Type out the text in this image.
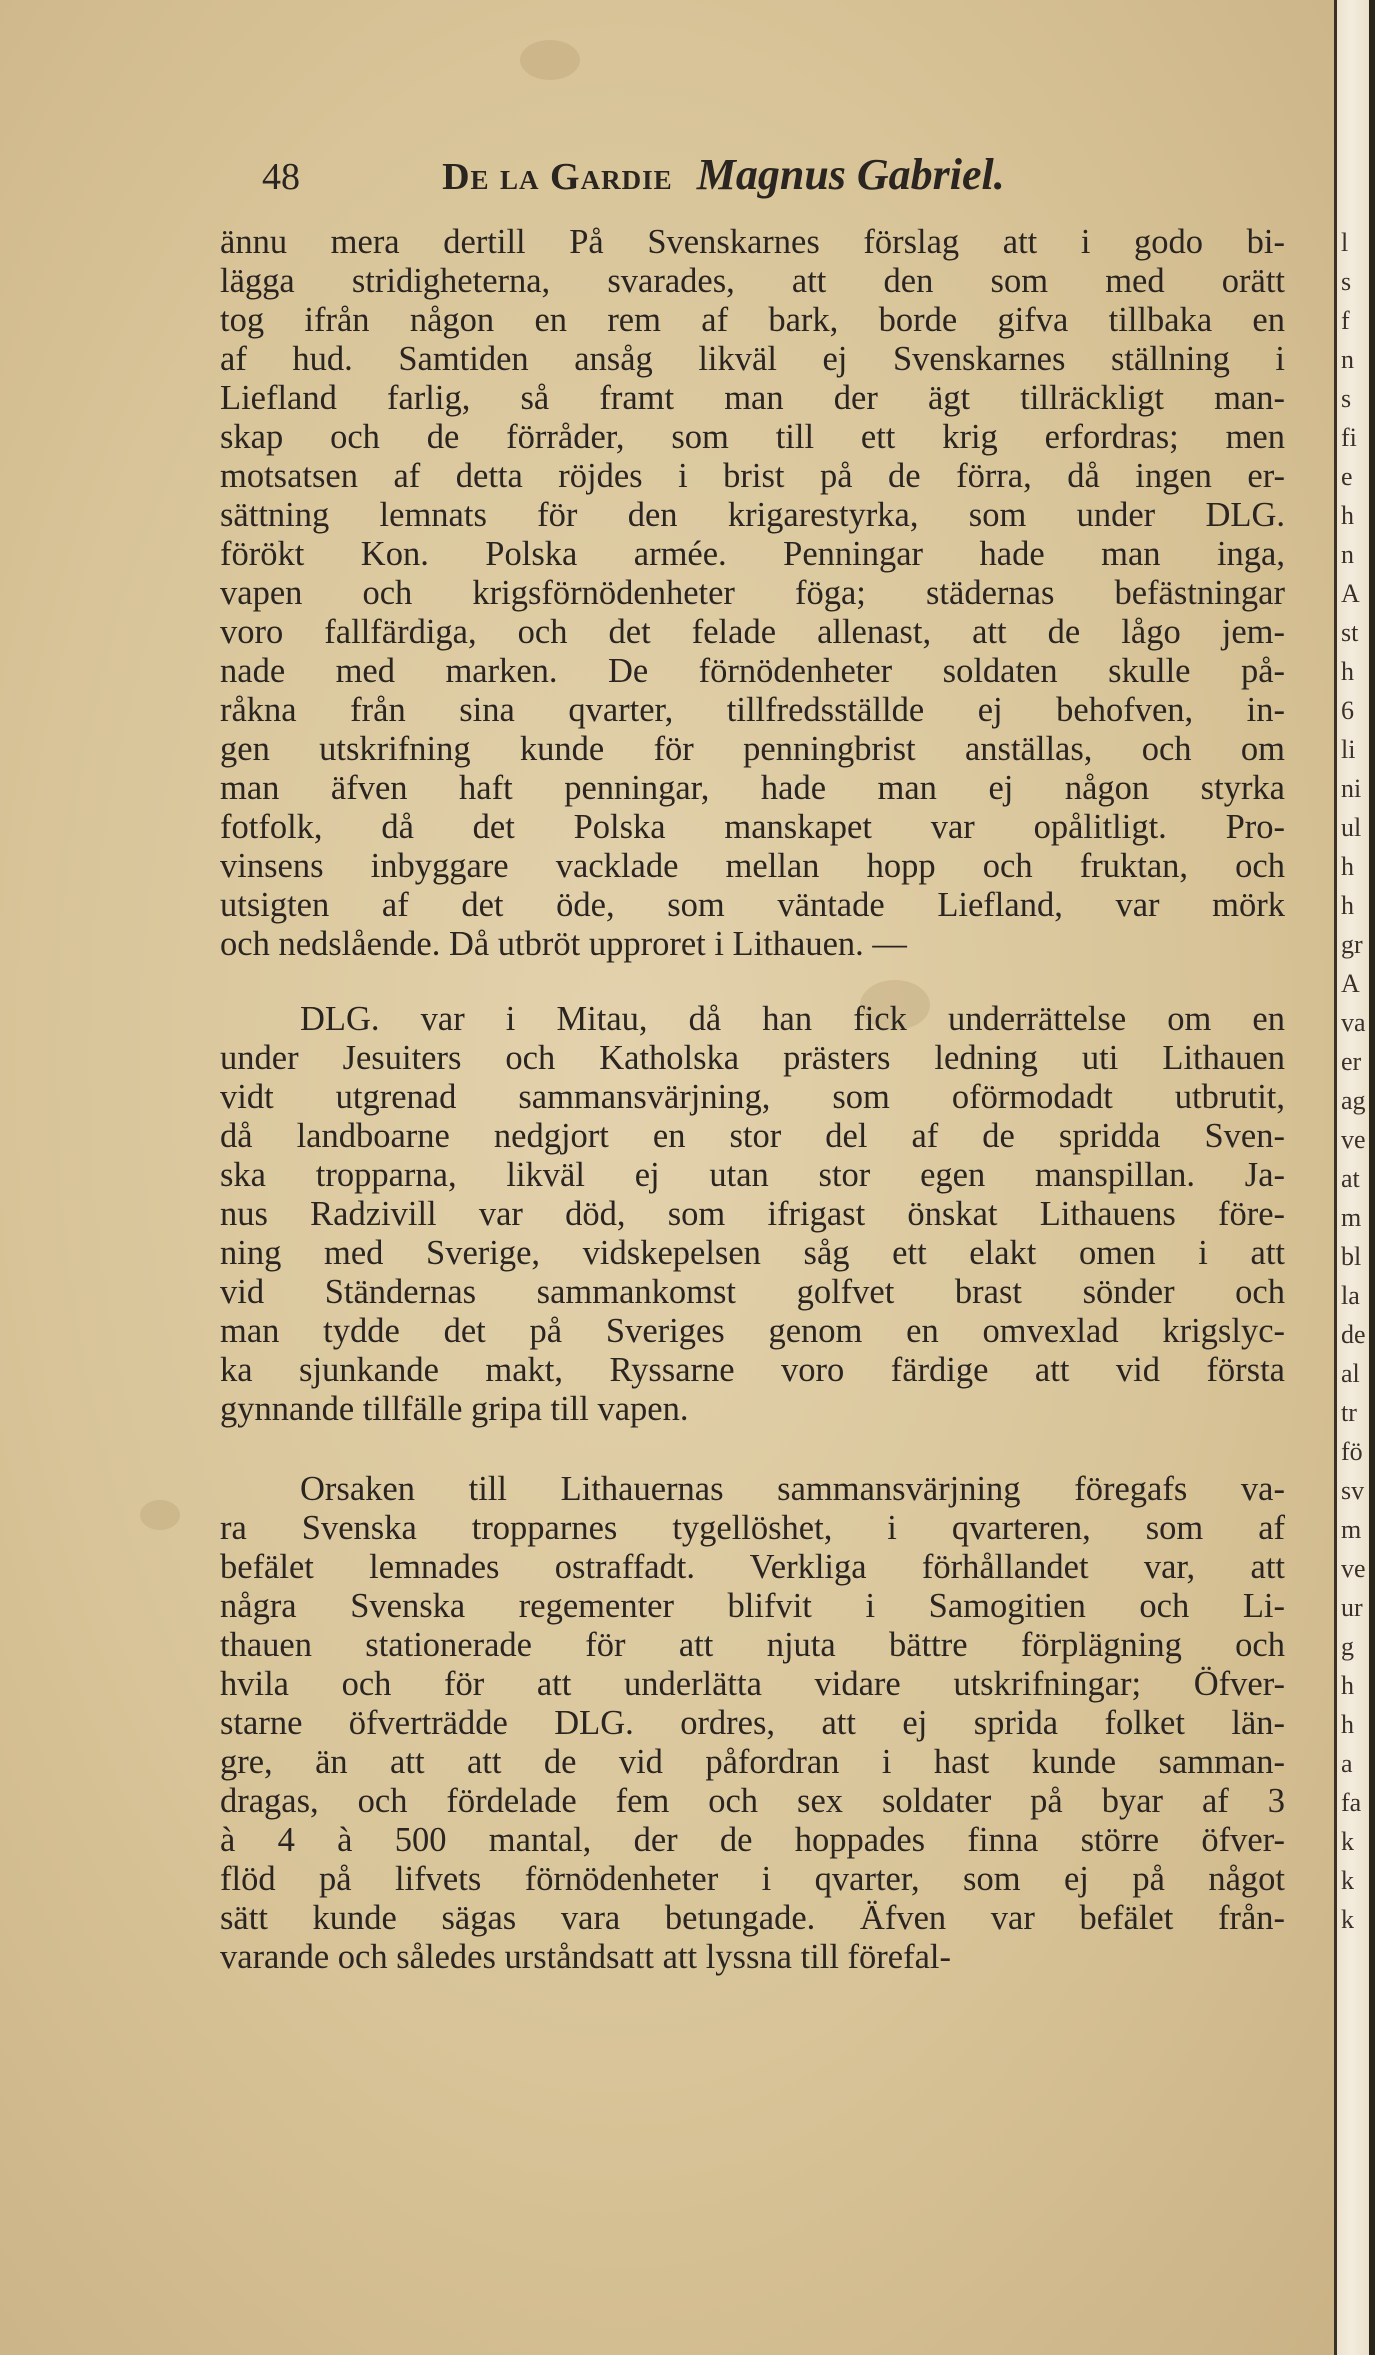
48	De la Gardie Magnus Gabriel.
ännu mera dertill På Svenskarnes förslag att i godo bi-
lägga stridigheterna, svarades, att den som med orätt
tog ifrån någon en rem af bark, borde gifva tillbaka en
af hud. Samtiden ansåg likväl ej Svenskarnes ställning i
Liefland farlig, så framt man der ägt tillräckligt man-
skap och de förråder, som till ett krig erfordras; men
motsatsen af detta röjdes i brist på de förra, då ingen er-
sättning lemnats för den krigarestyrka, som under DLG.
förökt Kon. Polska armée. Penningar hade man inga,
vapen och krigsförnödenheter föga; städernas befästningar
voro fallfärdiga, och det felade allenast, att de lågo jem-
nade med marken. De förnödenheter soldaten skulle på-
råkna från sina qvarter, tillfredsställde ej behofven, in-
gen utskrifning kunde för penningbrist anställas, och om
man äfven haft penningar, hade man ej någon styrka
fotfolk, då det Polska manskapet var opålitligt. Pro-
vinsens inbyggare vacklade mellan hopp och fruktan, och
utsigten af det öde, som väntade Liefland, var mörk
och nedslående. Då utbröt upproret i Lithauen. —
DLG. var i Mitau, då han fick underrättelse om en
under Jesuiters och Katholska prästers ledning uti Lithauen
vidt utgrenad sammansvärjning, som oförmodadt utbrutit,
då landboarne nedgjort en stor del af de spridda Sven-
ska tropparna, likväl ej utan stor egen manspillan. Ja-
nus Radzivill var död, som ifrigast önskat Lithauens före-
ning med Sverige, vidskepelsen såg ett elakt omen i att
vid Ständernas sammankomst golfvet brast sönder och
man tydde det på Sveriges genom en omvexlad krigslyc-
ka sjunkande makt, Ryssarne voro färdige att vid första
gynnande tillfälle gripa till vapen.
Orsaken till Lithauernas sammansvärjning föregafs va-
ra Svenska tropparnes tygellöshet, i qvarteren, som af
befälet lemnades ostraffadt. Verkliga förhållandet var, att
några Svenska regementer blifvit i Samogitien och Li-
thauen stationerade för att njuta bättre förplägning och
hvila och för att underlätta vidare utskrifningar; Öfver-
starne öfverträdde DLG. ordres, att ej sprida folket län-
gre, än att att de vid påfordran i hast kunde samman-
dragas, och fördelade fem och sex soldater på byar af 3
à 4 à 500 mantal, der de hoppades finna större öfver-
flöd på lifvets förnödenheter i qvarter, som ej på något
sätt kunde sägas vara betungade. Äfven var befälet från-
varande och således urståndsatt att lyssna till förefal-
l
s
f
n
s
fi
e
h
n
A
st
h
6
li
ni
ul
h
h
gr
A
va
er
ag
ve
at
m
bl
la
de
al
tr
fö
sv
m
ve
ur
g
h
h
a
fa
k
k
k
